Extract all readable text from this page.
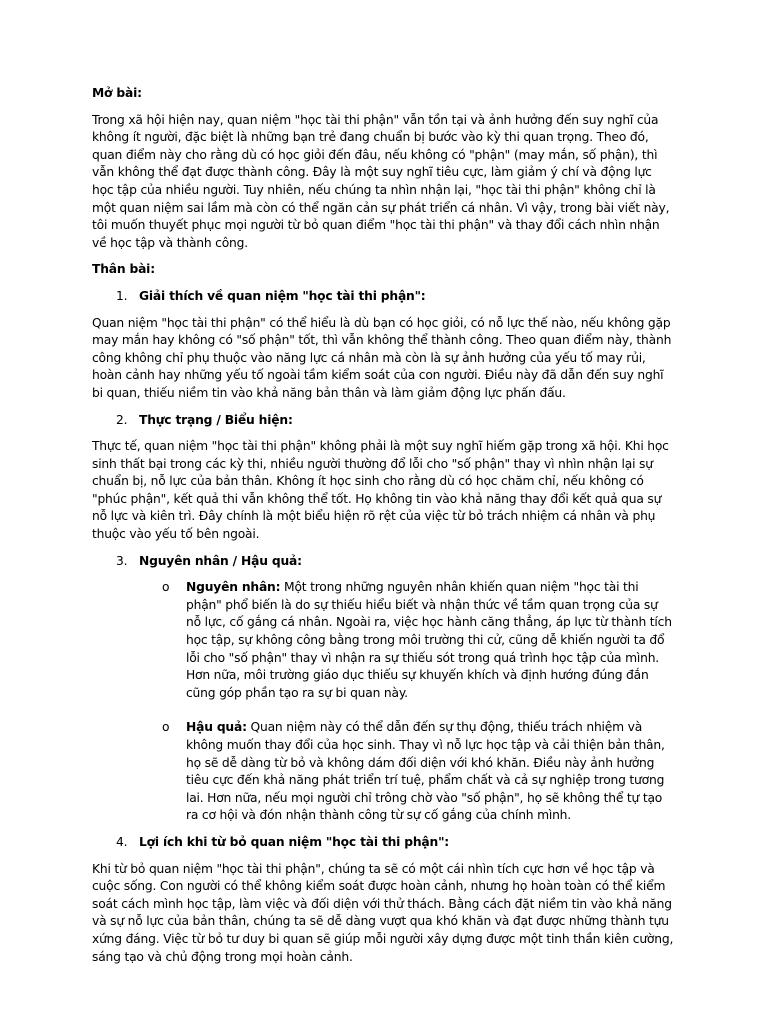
Mở bài:
Trong xã hội hiện nay, quan niệm "học tài thi phận" vẫn tồn tại và ảnh hưởng đến suy nghĩ của không ít người, đặc biệt là những bạn trẻ đang chuẩn bị bước vào kỳ thi quan trọng. Theo đó, quan điểm này cho rằng dù có học giỏi đến đâu, nếu không có "phận" (may mắn, số phận), thì vẫn không thể đạt được thành công. Đây là một suy nghĩ tiêu cực, làm giảm ý chí và động lực học tập của nhiều người. Tuy nhiên, nếu chúng ta nhìn nhận lại, "học tài thi phận" không chỉ là một quan niệm sai lầm mà còn có thể ngăn cản sự phát triển cá nhân. Vì vậy, trong bài viết này, tôi muốn thuyết phục mọi người từ bỏ quan điểm "học tài thi phận" và thay đổi cách nhìn nhận về học tập và thành công.
Thân bài:
1. Giải thích về quan niệm "học tài thi phận":
Quan niệm "học tài thi phận" có thể hiểu là dù bạn có học giỏi, có nỗ lực thế nào, nếu không gặp may mắn hay không có "số phận" tốt, thì vẫn không thể thành công. Theo quan điểm này, thành công không chỉ phụ thuộc vào năng lực cá nhân mà còn là sự ảnh hưởng của yếu tố may rủi, hoàn cảnh hay những yếu tố ngoài tầm kiểm soát của con người. Điều này đã dẫn đến suy nghĩ bi quan, thiếu niềm tin vào khả năng bản thân và làm giảm động lực phấn đấu.
2. Thực trạng / Biểu hiện:
Thực tế, quan niệm "học tài thi phận" không phải là một suy nghĩ hiếm gặp trong xã hội. Khi học sinh thất bại trong các kỳ thi, nhiều người thường đổ lỗi cho "số phận" thay vì nhìn nhận lại sự chuẩn bị, nỗ lực của bản thân. Không ít học sinh cho rằng dù có học chăm chỉ, nếu không có "phúc phận", kết quả thi vẫn không thể tốt. Họ không tin vào khả năng thay đổi kết quả qua sự nỗ lực và kiên trì. Đây chính là một biểu hiện rõ rệt của việc từ bỏ trách nhiệm cá nhân và phụ thuộc vào yếu tố bên ngoài.
3. Nguyên nhân / Hậu quả:
o Nguyên nhân: Một trong những nguyên nhân khiến quan niệm "học tài thi phận" phổ biến là do sự thiếu hiểu biết và nhận thức về tầm quan trọng của sự nỗ lực, cố gắng cá nhân. Ngoài ra, việc học hành căng thẳng, áp lực từ thành tích học tập, sự không công bằng trong môi trường thi cử, cũng dễ khiến người ta đổ lỗi cho "số phận" thay vì nhận ra sự thiếu sót trong quá trình học tập của mình. Hơn nữa, môi trường giáo dục thiếu sự khuyến khích và định hướng đúng đắn cũng góp phần tạo ra sự bi quan này.
o Hậu quả: Quan niệm này có thể dẫn đến sự thụ động, thiếu trách nhiệm và không muốn thay đổi của học sinh. Thay vì nỗ lực học tập và cải thiện bản thân, họ sẽ dễ dàng từ bỏ và không dám đối diện với khó khăn. Điều này ảnh hưởng tiêu cực đến khả năng phát triển trí tuệ, phẩm chất và cả sự nghiệp trong tương lai. Hơn nữa, nếu mọi người chỉ trông chờ vào "số phận", họ sẽ không thể tự tạo ra cơ hội và đón nhận thành công từ sự cố gắng của chính mình.
4. Lợi ích khi từ bỏ quan niệm "học tài thi phận":
Khi từ bỏ quan niệm "học tài thi phận", chúng ta sẽ có một cái nhìn tích cực hơn về học tập và cuộc sống. Con người có thể không kiểm soát được hoàn cảnh, nhưng họ hoàn toàn có thể kiểm soát cách mình học tập, làm việc và đối diện với thử thách. Bằng cách đặt niềm tin vào khả năng và sự nỗ lực của bản thân, chúng ta sẽ dễ dàng vượt qua khó khăn và đạt được những thành tựu xứng đáng. Việc từ bỏ tư duy bi quan sẽ giúp mỗi người xây dựng được một tinh thần kiên cường, sáng tạo và chủ động trong mọi hoàn cảnh.
